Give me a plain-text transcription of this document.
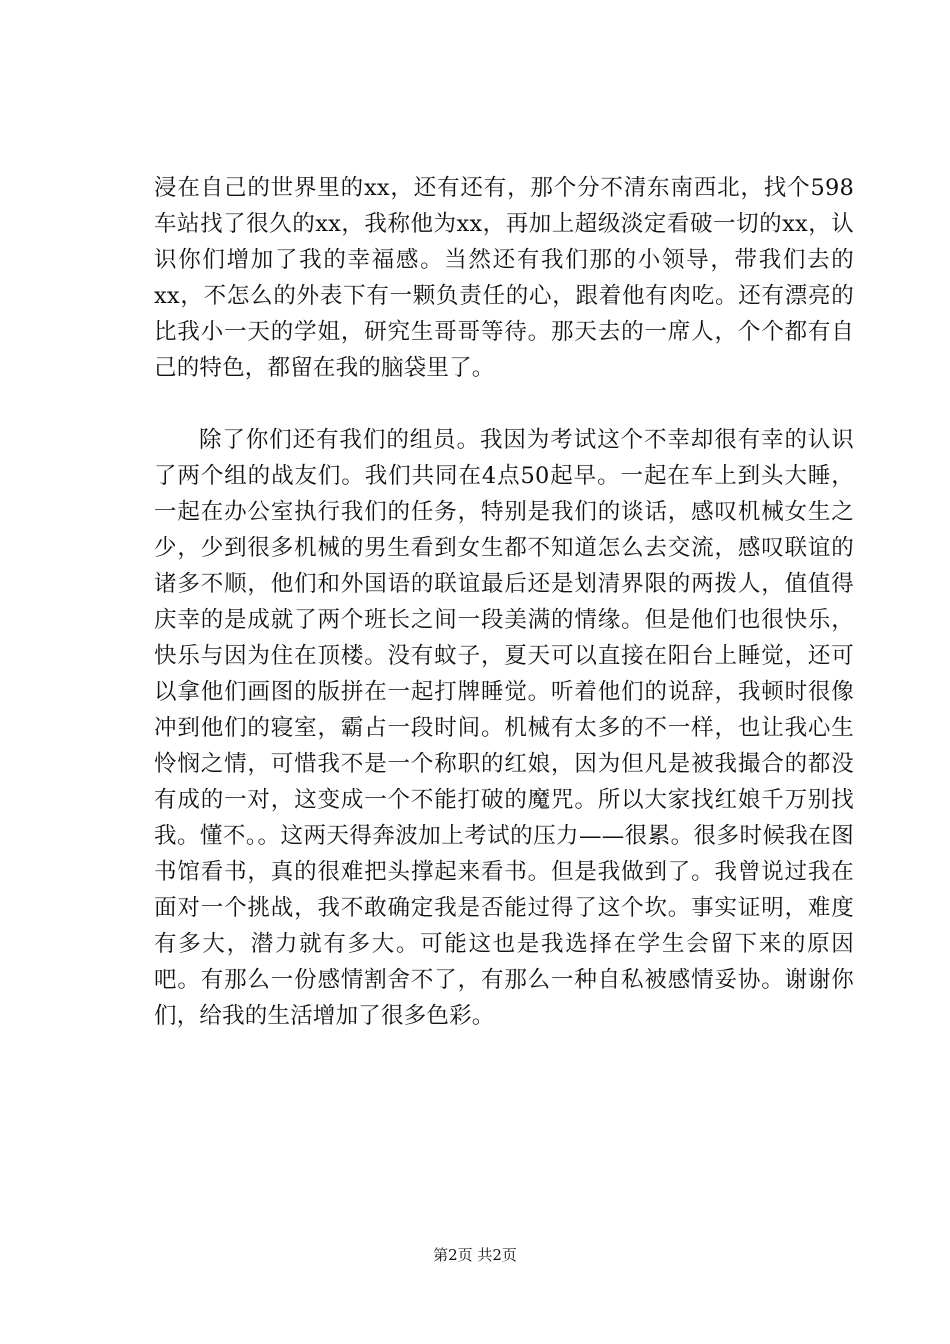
浸在自己的世界里的xx，还有还有，那个分不清东南西北，找个598车站找了很久的xx，我称他为xx，再加上超级淡定看破一切的xx，认识你们增加了我的幸福感。当然还有我们那的小领导，带我们去的xx，不怎么的外表下有一颗负责任的心，跟着他有肉吃。还有漂亮的比我小一天的学姐，研究生哥哥等待。那天去的一席人，个个都有自己的特色，都留在我的脑袋里了。

除了你们还有我们的组员。我因为考试这个不幸却很有幸的认识了两个组的战友们。我们共同在4点50起早。一起在车上到头大睡，一起在办公室执行我们的任务，特别是我们的谈话，感叹机械女生之少，少到很多机械的男生看到女生都不知道怎么去交流，感叹联谊的诸多不顺，他们和外国语的联谊最后还是划清界限的两拨人，值值得庆幸的是成就了两个班长之间一段美满的情缘。但是他们也很快乐，快乐与因为住在顶楼。没有蚊子，夏天可以直接在阳台上睡觉，还可以拿他们画图的版拼在一起打牌睡觉。听着他们的说辞，我顿时很像冲到他们的寝室，霸占一段时间。机械有太多的不一样，也让我心生怜悯之情，可惜我不是一个称职的红娘，因为但凡是被我撮合的都没有成的一对，这变成一个不能打破的魔咒。所以大家找红娘千万别找我。懂不。。这两天得奔波加上考试的压力——很累。很多时候我在图书馆看书，真的很难把头撑起来看书。但是我做到了。我曾说过我在面对一个挑战，我不敢确定我是否能过得了这个坎。事实证明，难度有多大，潜力就有多大。可能这也是我选择在学生会留下来的原因吧。有那么一份感情割舍不了，有那么一种自私被感情妥协。谢谢你们，给我的生活增加了很多色彩。

第2页 共2页
